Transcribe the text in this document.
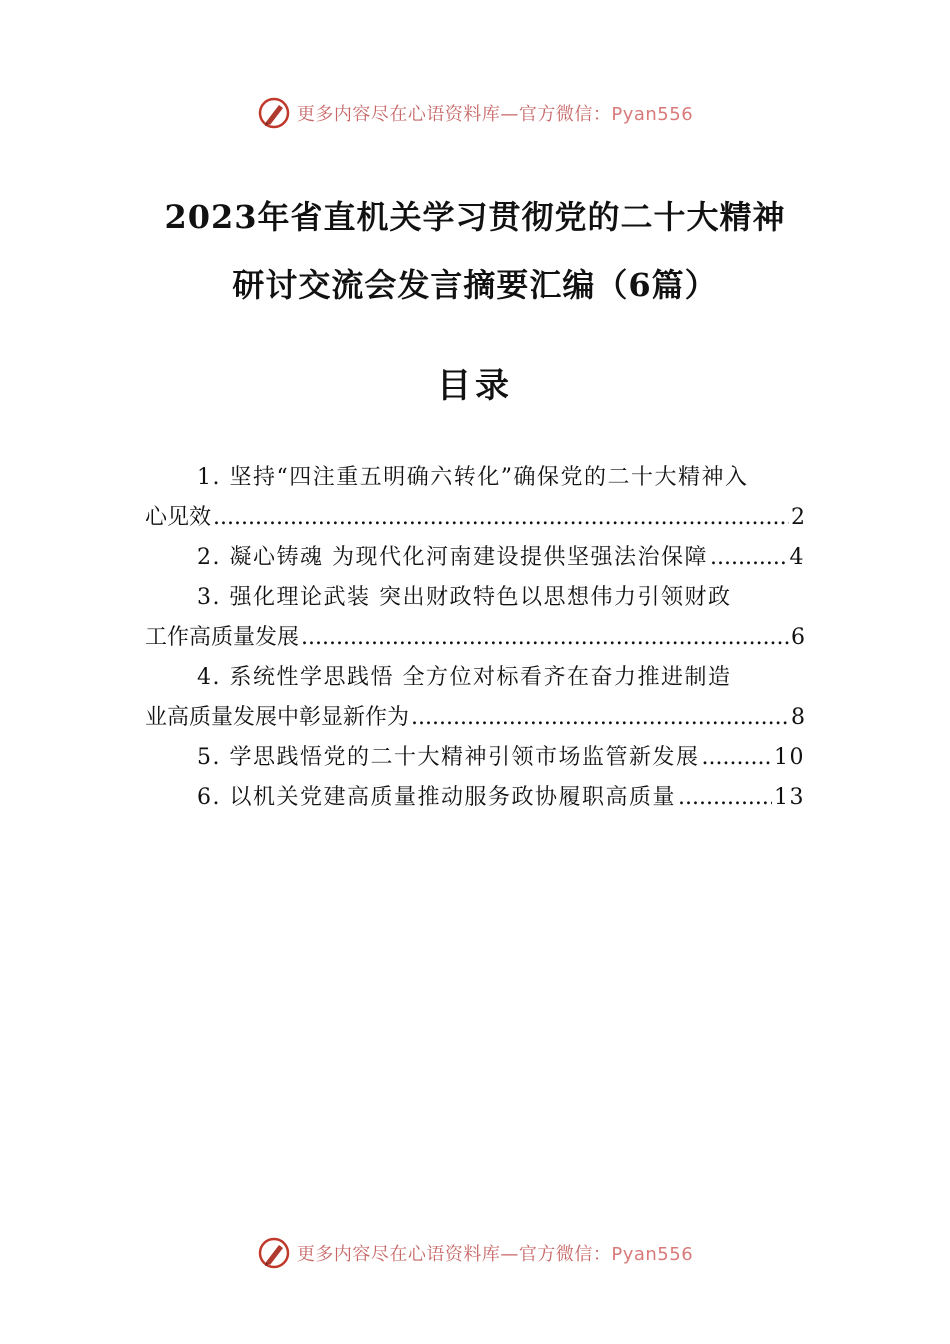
更多内容尽在心语资料库—官方微信：Pyan556
2023年省直机关学习贯彻党的二十大精神
研讨交流会发言摘要汇编（6篇）
目录
1. 坚持“四注重五明确六转化”确保党的二十大精神入
心见效 .....	2
2. 凝心铸魂 为现代化河南建设提供坚强法治保障 .....	4
3. 强化理论武装 突出财政特色以思想伟力引领财政
工作高质量发展 .....	6
4. 系统性学思践悟 全方位对标看齐在奋力推进制造
业高质量发展中彰显新作为 .....	8
5. 学思践悟党的二十大精神引领市场监管新发展 .....	10
6. 以机关党建高质量推动服务政协履职高质量 .....	13
更多内容尽在心语资料库—官方微信：Pyan556
